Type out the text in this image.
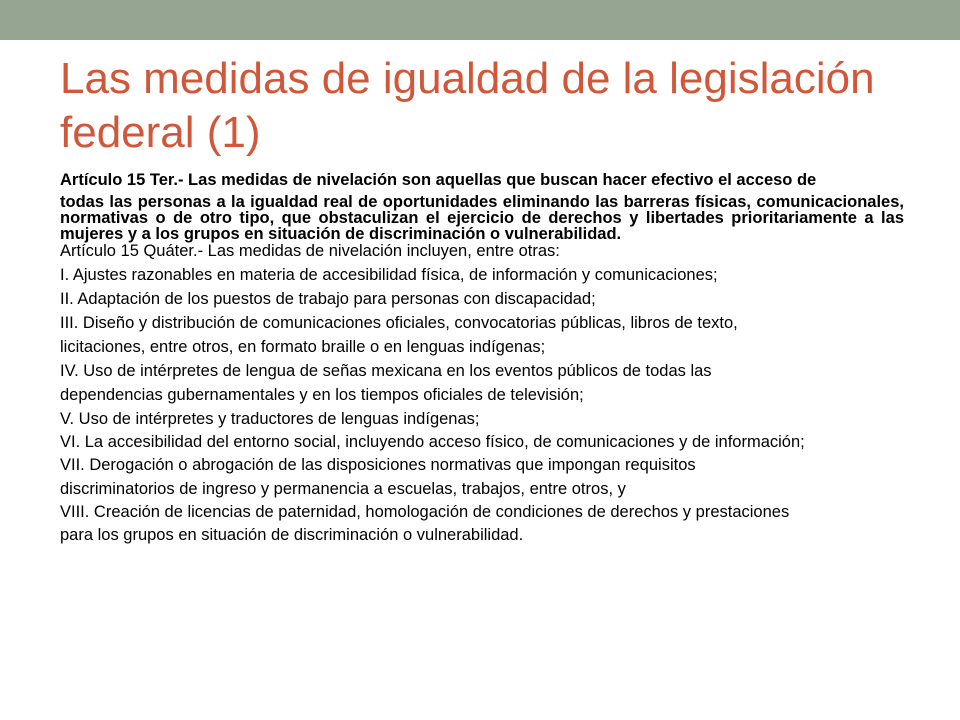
Las medidas de igualdad de la legislación federal (1)

Artículo 15 Ter.- Las medidas de nivelación son aquellas que buscan hacer efectivo el acceso de

todas las personas a la igualdad real de oportunidades eliminando las barreras físicas, comunicacionales, normativas o de otro tipo, que obstaculizan el ejercicio de derechos y libertades prioritariamente a las mujeres y a los grupos en situación de discriminación o vulnerabilidad.

Artículo 15 Quáter.- Las medidas de nivelación incluyen, entre otras:

I. Ajustes razonables en materia de accesibilidad física, de información y comunicaciones;

II. Adaptación de los puestos de trabajo para personas con discapacidad;

III. Diseño y distribución de comunicaciones oficiales, convocatorias públicas, libros de texto,

licitaciones, entre otros, en formato braille o en lenguas indígenas;

IV. Uso de intérpretes de lengua de señas mexicana en los eventos públicos de todas las

dependencias gubernamentales y en los tiempos oficiales de televisión;

V. Uso de intérpretes y traductores de lenguas indígenas;

VI. La accesibilidad del entorno social, incluyendo acceso físico, de comunicaciones y de información;

VII. Derogación o abrogación de las disposiciones normativas que impongan requisitos

discriminatorios de ingreso y permanencia a escuelas, trabajos, entre otros, y

VIII. Creación de licencias de paternidad, homologación de condiciones de derechos y prestaciones

para los grupos en situación de discriminación o vulnerabilidad.
